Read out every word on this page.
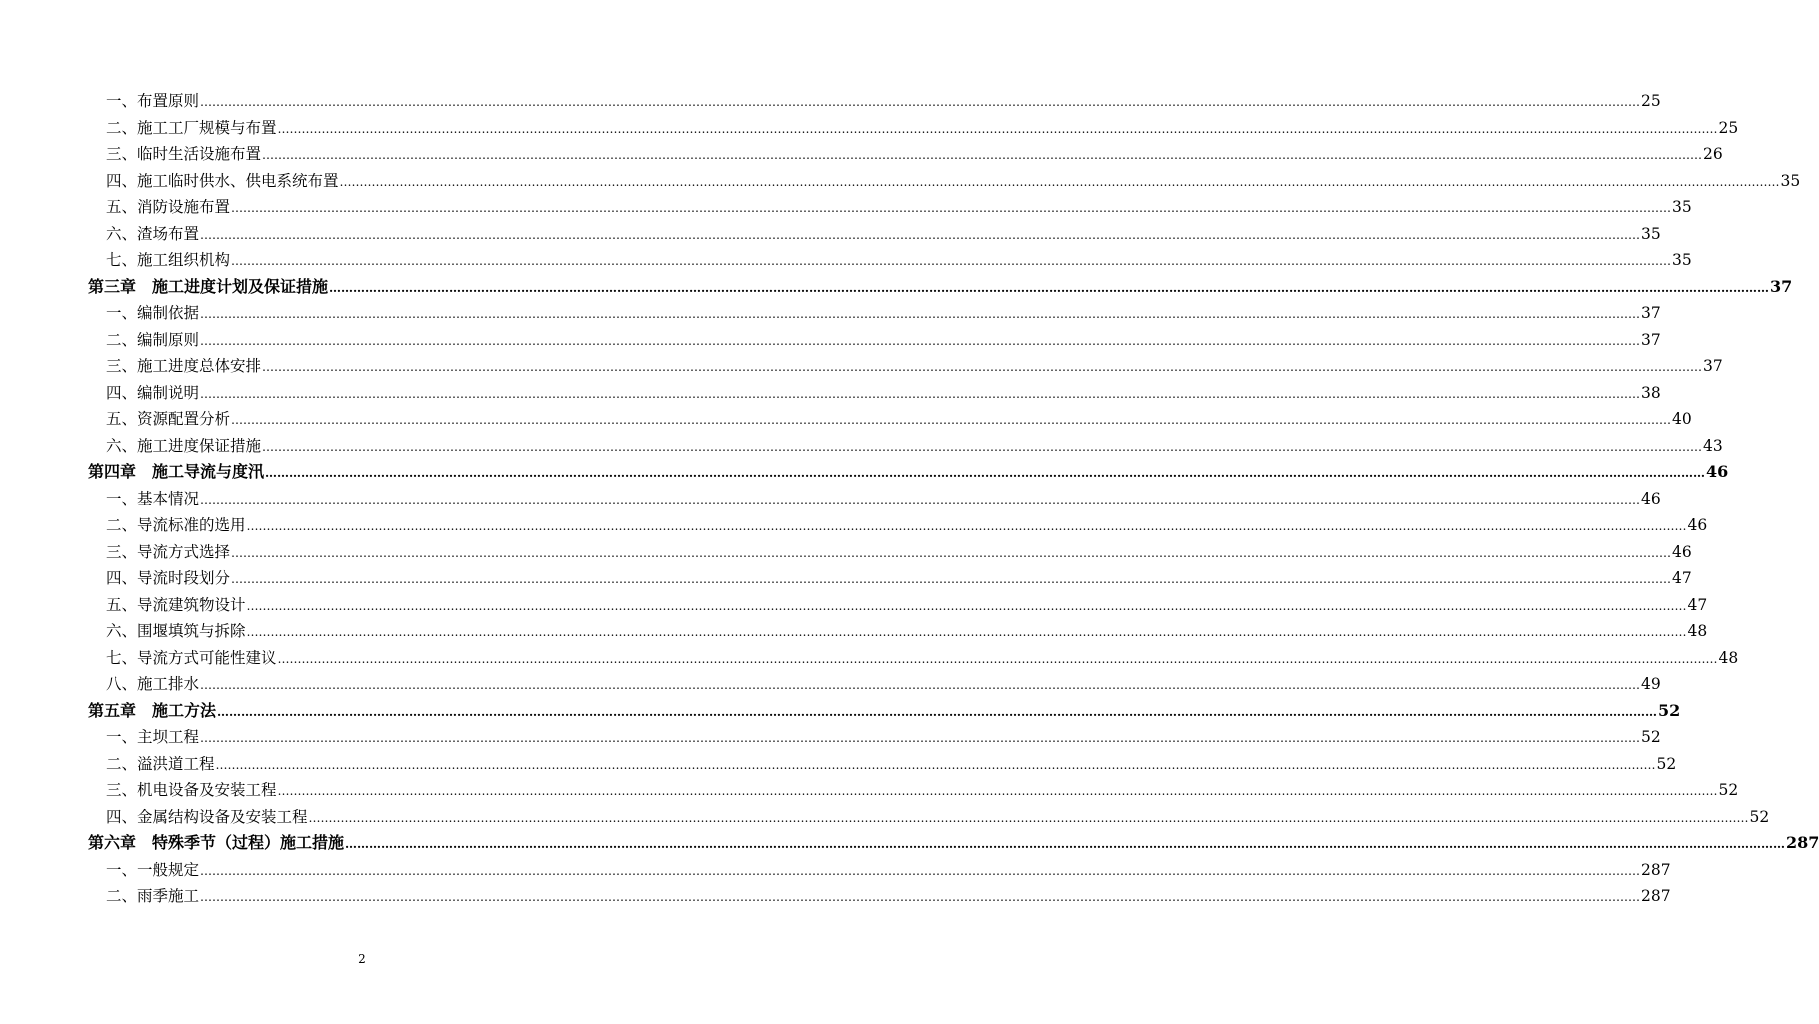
一、布置原则 ……………………………………………………………………………………………………………………………………………………………………………………………………………………………………………………………………………………………………………………………… 25
二、施工工厂规模与布置 ……………………………………………………………………………………………………………………………………………………………………………………………………………………………………………………………………………………………………………………………… 25
三、临时生活设施布置 ……………………………………………………………………………………………………………………………………………………………………………………………………………………………………………………………………………………………………………………………… 26
四、施工临时供水、供电系统布置 ……………………………………………………………………………………………………………………………………………………………………………………………………………………………………………………………………………………………………………………………… 35
五、消防设施布置 ……………………………………………………………………………………………………………………………………………………………………………………………………………………………………………………………………………………………………………………………… 35
六、渣场布置 ……………………………………………………………………………………………………………………………………………………………………………………………………………………………………………………………………………………………………………………………… 35
七、施工组织机构 ……………………………………………………………………………………………………………………………………………………………………………………………………………………………………………………………………………………………………………………………… 35
第三章　施工进度计划及保证措施 ……………………………………………………………………………………………………………………………………………………………………………………………………………………………………………………………………………………………………………………………… 37
一、编制依据 ……………………………………………………………………………………………………………………………………………………………………………………………………………………………………………………………………………………………………………………………… 37
二、编制原则 ……………………………………………………………………………………………………………………………………………………………………………………………………………………………………………………………………………………………………………………………… 37
三、施工进度总体安排 ……………………………………………………………………………………………………………………………………………………………………………………………………………………………………………………………………………………………………………………………… 37
四、编制说明 ……………………………………………………………………………………………………………………………………………………………………………………………………………………………………………………………………………………………………………………………… 38
五、资源配置分析 ……………………………………………………………………………………………………………………………………………………………………………………………………………………………………………………………………………………………………………………………… 40
六、施工进度保证措施 ……………………………………………………………………………………………………………………………………………………………………………………………………………………………………………………………………………………………………………………………… 43
第四章　施工导流与度汛 ……………………………………………………………………………………………………………………………………………………………………………………………………………………………………………………………………………………………………………………………… 46
一、基本情况 ……………………………………………………………………………………………………………………………………………………………………………………………………………………………………………………………………………………………………………………………… 46
二、导流标准的选用 ……………………………………………………………………………………………………………………………………………………………………………………………………………………………………………………………………………………………………………………………… 46
三、导流方式选择 ……………………………………………………………………………………………………………………………………………………………………………………………………………………………………………………………………………………………………………………………… 46
四、导流时段划分 ……………………………………………………………………………………………………………………………………………………………………………………………………………………………………………………………………………………………………………………………… 47
五、导流建筑物设计 ……………………………………………………………………………………………………………………………………………………………………………………………………………………………………………………………………………………………………………………………… 47
六、围堰填筑与拆除 ……………………………………………………………………………………………………………………………………………………………………………………………………………………………………………………………………………………………………………………………… 48
七、导流方式可能性建议 ……………………………………………………………………………………………………………………………………………………………………………………………………………………………………………………………………………………………………………………………… 48
八、施工排水 ……………………………………………………………………………………………………………………………………………………………………………………………………………………………………………………………………………………………………………………………… 49
第五章　施工方法 ……………………………………………………………………………………………………………………………………………………………………………………………………………………………………………………………………………………………………………………………… 52
一、主坝工程 ……………………………………………………………………………………………………………………………………………………………………………………………………………………………………………………………………………………………………………………………… 52
二、溢洪道工程 ……………………………………………………………………………………………………………………………………………………………………………………………………………………………………………………………………………………………………………………………… 52
三、机电设备及安装工程 ……………………………………………………………………………………………………………………………………………………………………………………………………………………………………………………………………………………………………………………………… 52
四、金属结构设备及安装工程 ……………………………………………………………………………………………………………………………………………………………………………………………………………………………………………………………………………………………………………………………… 52
第六章　特殊季节（过程）施工措施 ……………………………………………………………………………………………………………………………………………………………………………………………………………………………………………………………………………………………………………………………… 287
一、一般规定 ……………………………………………………………………………………………………………………………………………………………………………………………………………………………………………………………………………………………………………………………… 287
二、雨季施工 ……………………………………………………………………………………………………………………………………………………………………………………………………………………………………………………………………………………………………………………………… 287
2
